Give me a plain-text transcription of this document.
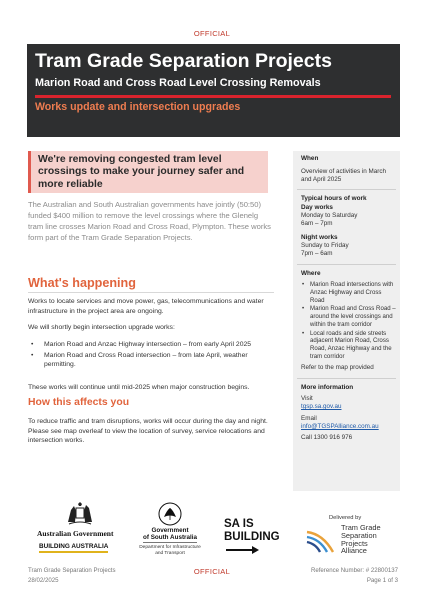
OFFICIAL
Tram Grade Separation Projects
Marion Road and Cross Road Level Crossing Removals
Works update and intersection upgrades
We're removing congested tram level
crossings to make your journey safer and
more reliable

The Australian and South Australian governments have jointly (50:50) funded $400 million to remove the level crossings where the Glenelg tram line crosses Marion Road and Cross Road, Plympton. These works form part of the Tram Grade Separation Projects.

What's happening

Works to locate services and move power, gas, telecommunications and water infrastructure in the project area are ongoing.

We will shortly begin intersection upgrade works:

• Marion Road and Anzac Highway intersection – from early April 2025
• Marion Road and Cross Road intersection – from late April, weather permitting.

These works will continue until mid-2025 when major construction begins.

How this affects you

To reduce traffic and tram disruptions, works will occur during the day and night. Please see map overleaf to view the location of survey, service relocations and intersection works.

When
Overview of activities in March and April 2025
Typical hours of work
Day works
Monday to Saturday
6am – 7pm
Night works
Sunday to Friday
7pm – 6am
Where
• Marion Road intersections with Anzac Highway and Cross Road
• Marion Road and Cross Road – around the level crossings and within the tram corridor
• Local roads and side streets adjacent Marion Road, Cross Road, Anzac Highway and the tram corridor
Refer to the map provided
More information
Visit
tgsp.sa.gov.au
Email
info@TGSPAlliance.com.au
Call 1300 916 976
Australian Government
BUILDING AUSTRALIA
Government
of South Australia
Department for Infrastructure
and Transport
SA IS
BUILDING
Delivered by
Tram Grade
Separation
Projects
Alliance
Tram Grade Separation Projects
28/02/2025
OFFICIAL	Reference Number: # 22800137
Page 1 of 3
